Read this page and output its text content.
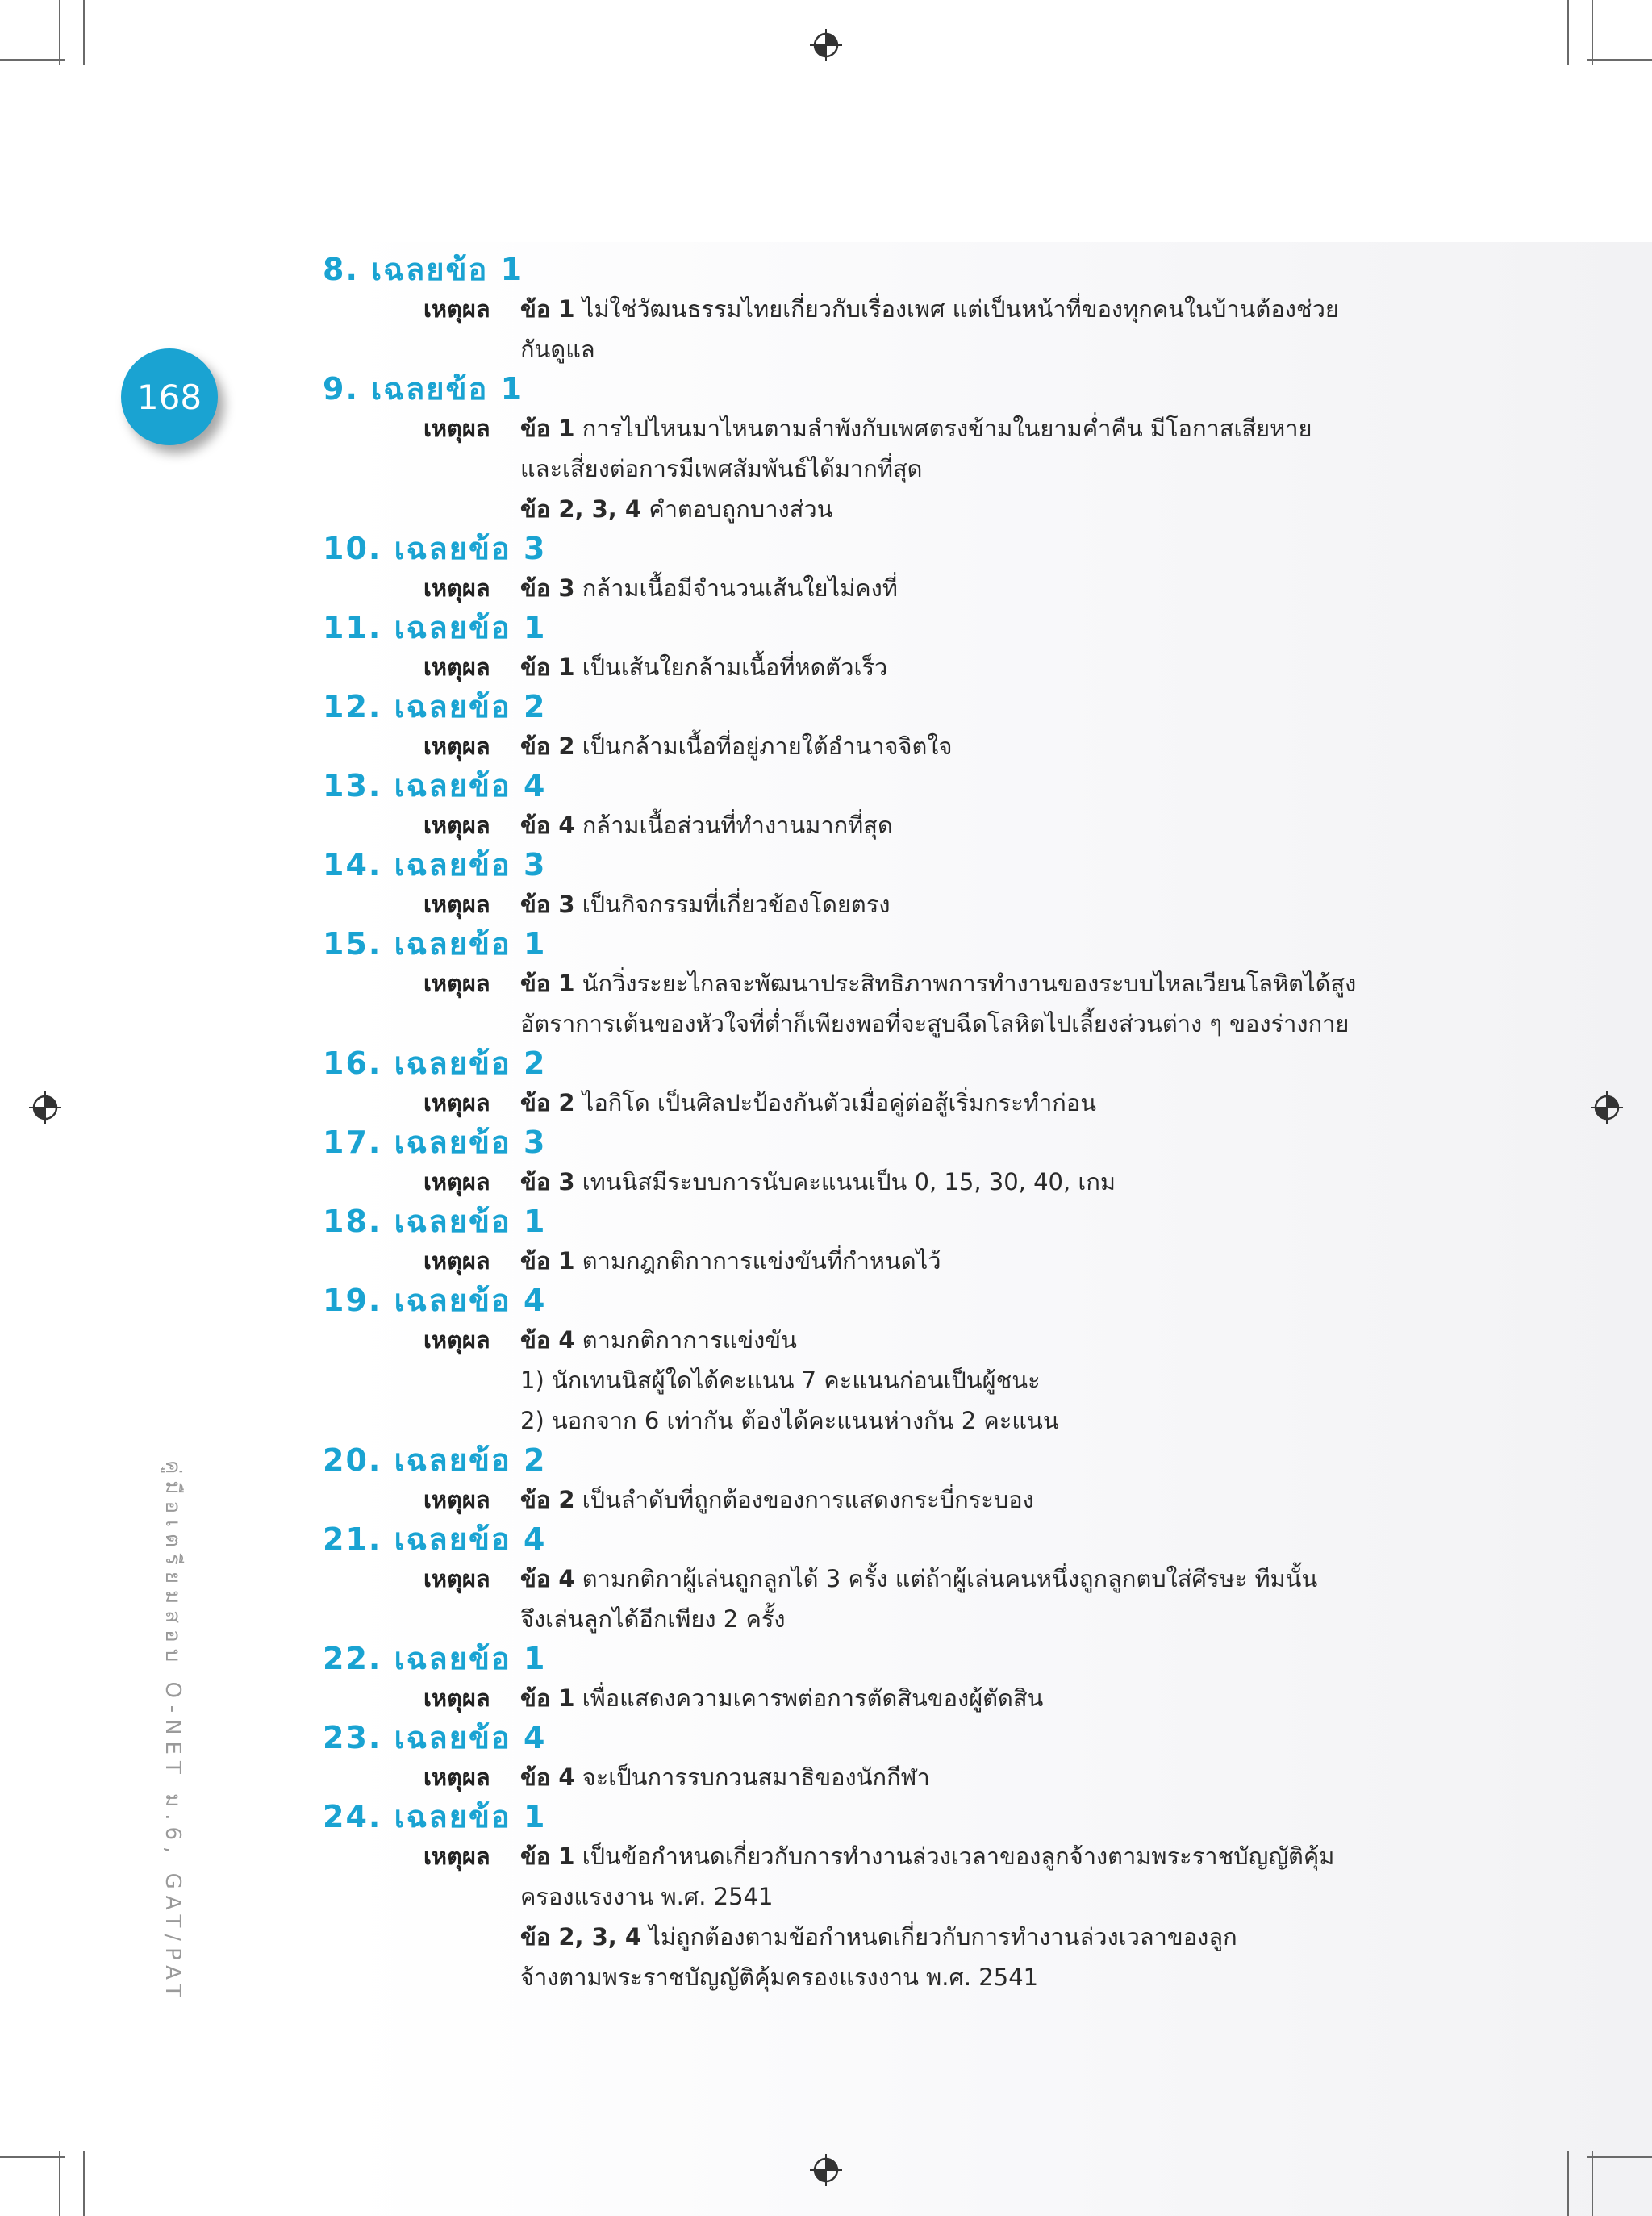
168
คู่มือเตรียมสอบ O-NET ม.6, GAT/PAT
8. เฉลยข้อ 1
เหตุผล	ข้อ 1 ไม่ใช่วัฒนธรรมไทยเกี่ยวกับเรื่องเพศ แต่เป็นหน้าที่ของทุกคนในบ้านต้องช่วย
กันดูแล
9. เฉลยข้อ 1
เหตุผล	ข้อ 1 การไปไหนมาไหนตามลำพังกับเพศตรงข้ามในยามค่ำคืน มีโอกาสเสียหาย
และเสี่ยงต่อการมีเพศสัมพันธ์ได้มากที่สุด
ข้อ 2, 3, 4 คำตอบถูกบางส่วน
10. เฉลยข้อ 3
เหตุผล	ข้อ 3 กล้ามเนื้อมีจำนวนเส้นใยไม่คงที่
11. เฉลยข้อ 1
เหตุผล	ข้อ 1 เป็นเส้นใยกล้ามเนื้อที่หดตัวเร็ว
12. เฉลยข้อ 2
เหตุผล	ข้อ 2 เป็นกล้ามเนื้อที่อยู่ภายใต้อำนาจจิตใจ
13. เฉลยข้อ 4
เหตุผล	ข้อ 4 กล้ามเนื้อส่วนที่ทำงานมากที่สุด
14. เฉลยข้อ 3
เหตุผล	ข้อ 3 เป็นกิจกรรมที่เกี่ยวข้องโดยตรง
15. เฉลยข้อ 1
เหตุผล	ข้อ 1 นักวิ่งระยะไกลจะพัฒนาประสิทธิภาพการทำงานของระบบไหลเวียนโลหิตได้สูง
อัตราการเต้นของหัวใจที่ต่ำก็เพียงพอที่จะสูบฉีดโลหิตไปเลี้ยงส่วนต่าง ๆ ของร่างกาย
16. เฉลยข้อ 2
เหตุผล	ข้อ 2 ไอกิโด เป็นศิลปะป้องกันตัวเมื่อคู่ต่อสู้เริ่มกระทำก่อน
17. เฉลยข้อ 3
เหตุผล	ข้อ 3 เทนนิสมีระบบการนับคะแนนเป็น 0, 15, 30, 40, เกม
18. เฉลยข้อ 1
เหตุผล	ข้อ 1 ตามกฎกติกาการแข่งขันที่กำหนดไว้
19. เฉลยข้อ 4
เหตุผล	ข้อ 4 ตามกติกาการแข่งขัน
1) นักเทนนิสผู้ใดได้คะแนน 7 คะแนนก่อนเป็นผู้ชนะ
2) นอกจาก 6 เท่ากัน ต้องได้คะแนนห่างกัน 2 คะแนน
20. เฉลยข้อ 2
เหตุผล	ข้อ 2 เป็นลำดับที่ถูกต้องของการแสดงกระบี่กระบอง
21. เฉลยข้อ 4
เหตุผล	ข้อ 4 ตามกติกาผู้เล่นถูกลูกได้ 3 ครั้ง แต่ถ้าผู้เล่นคนหนึ่งถูกลูกตบใส่ศีรษะ ทีมนั้น
จึงเล่นลูกได้อีกเพียง 2 ครั้ง
22. เฉลยข้อ 1
เหตุผล	ข้อ 1 เพื่อแสดงความเคารพต่อการตัดสินของผู้ตัดสิน
23. เฉลยข้อ 4
เหตุผล	ข้อ 4 จะเป็นการรบกวนสมาธิของนักกีฬา
24. เฉลยข้อ 1
เหตุผล	ข้อ 1 เป็นข้อกำหนดเกี่ยวกับการทำงานล่วงเวลาของลูกจ้างตามพระราชบัญญัติคุ้ม
ครองแรงงาน พ.ศ. 2541
ข้อ 2, 3, 4 ไม่ถูกต้องตามข้อกำหนดเกี่ยวกับการทำงานล่วงเวลาของลูก
จ้างตามพระราชบัญญัติคุ้มครองแรงงาน พ.ศ. 2541
